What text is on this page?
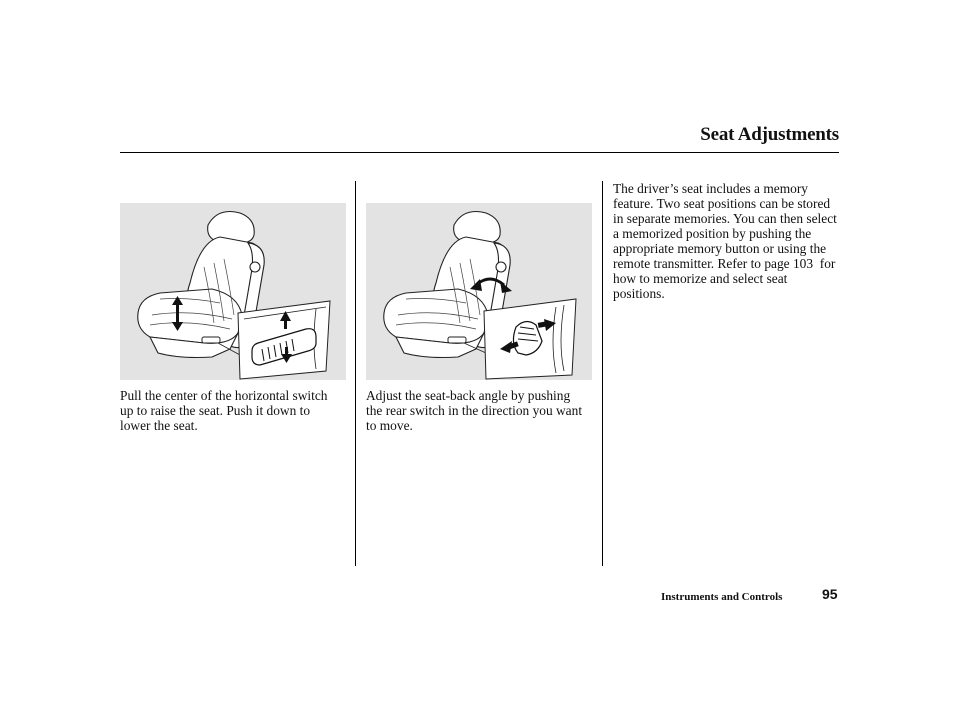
Seat Adjustments

Pull the center of the horizontal switch up to raise the seat. Push it down to lower the seat.

Adjust the seat-back angle by pushing the rear switch in the direction you want to move.

The driver’s seat includes a memory feature. Two seat positions can be stored in separate memories. You can then select a memorized position by pushing the appropriate memory button or using the remote transmitter. Refer to page 103 for how to memorize and select seat positions.

Instruments and Controls	95
